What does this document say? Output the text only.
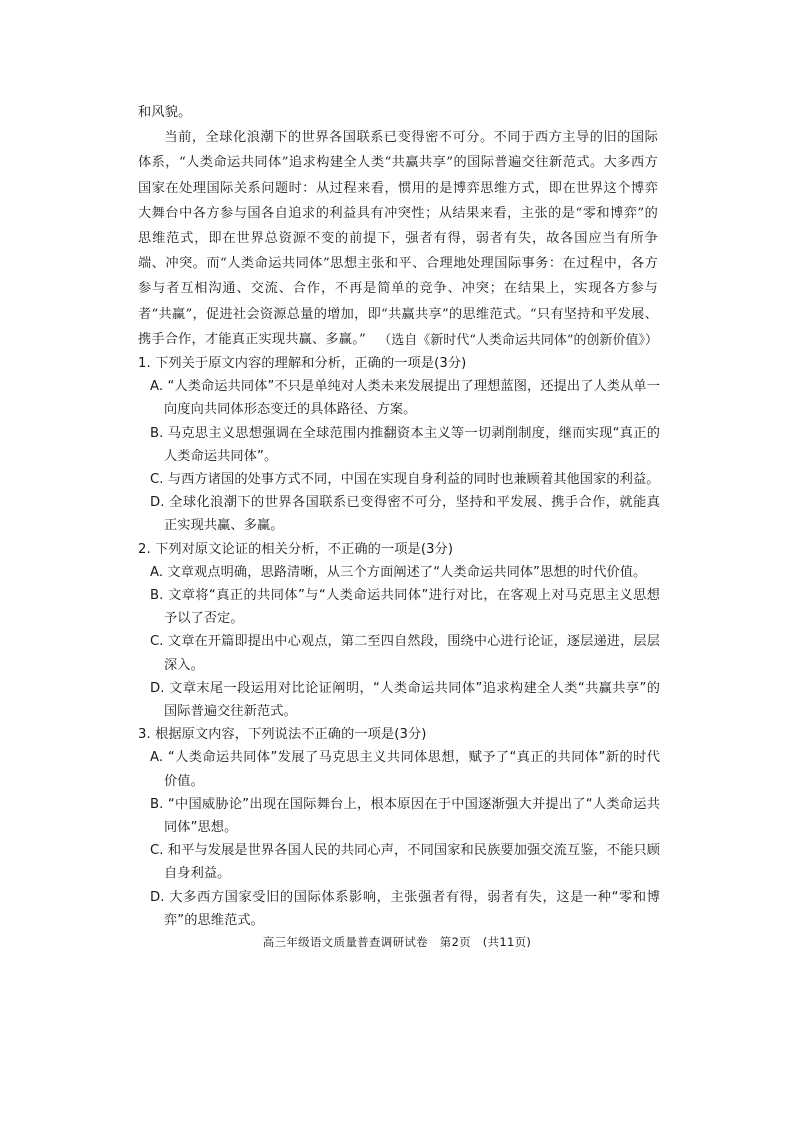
和风貌。

当前，全球化浪潮下的世界各国联系已变得密不可分。不同于西方主导的旧的国际体系，“人类命运共同体”追求构建全人类“共赢共享”的国际普遍交往新范式。大多西方国家在处理国际关系问题时：从过程来看，惯用的是博弈思维方式，即在世界这个博弈大舞台中各方参与国各自追求的利益具有冲突性；从结果来看，主张的是“零和博弈”的思维范式，即在世界总资源不变的前提下，强者有得，弱者有失，故各国应当有所争端、冲突。而“人类命运共同体”思想主张和平、合理地处理国际事务：在过程中，各方参与者互相沟通、交流、合作，不再是简单的竞争、冲突；在结果上，实现各方参与者“共赢”，促进社会资源总量的增加，即“共赢共享”的思维范式。“只有坚持和平发展、携手合作，才能真正实现共赢、多赢。” （选自《新时代“人类命运共同体”的创新价值》）

1. 下列关于原文内容的理解和分析，正确的一项是(3分)

A. “人类命运共同体”不只是单纯对人类未来发展提出了理想蓝图，还提出了人类从单一向度向共同体形态变迁的具体路径、方案。

B. 马克思主义思想强调在全球范围内推翻资本主义等一切剥削制度，继而实现“真正的人类命运共同体”。

C. 与西方诸国的处事方式不同，中国在实现自身利益的同时也兼顾着其他国家的利益。

D. 全球化浪潮下的世界各国联系已变得密不可分，坚持和平发展、携手合作，就能真正实现共赢、多赢。

2. 下列对原文论证的相关分析，不正确的一项是(3分)

A. 文章观点明确，思路清晰，从三个方面阐述了“人类命运共同体”思想的时代价值。

B. 文章将“真正的共同体”与“人类命运共同体”进行对比，在客观上对马克思主义思想予以了否定。

C. 文章在开篇即提出中心观点，第二至四自然段，围绕中心进行论证，逐层递进，层层深入。

D. 文章末尾一段运用对比论证阐明，“人类命运共同体”追求构建全人类“共赢共享”的国际普遍交往新范式。

3. 根据原文内容，下列说法不正确的一项是(3分)

A. “人类命运共同体”发展了马克思主义共同体思想，赋予了“真正的共同体”新的时代价值。

B. “中国威胁论”出现在国际舞台上，根本原因在于中国逐渐强大并提出了“人类命运共同体”思想。

C. 和平与发展是世界各国人民的共同心声，不同国家和民族要加强交流互鉴，不能只顾自身利益。

D. 大多西方国家受旧的国际体系影响，主张强者有得，弱者有失，这是一种“零和博弈”的思维范式。

高三年级语文质量普查调研试卷　第2页　(共11页)
